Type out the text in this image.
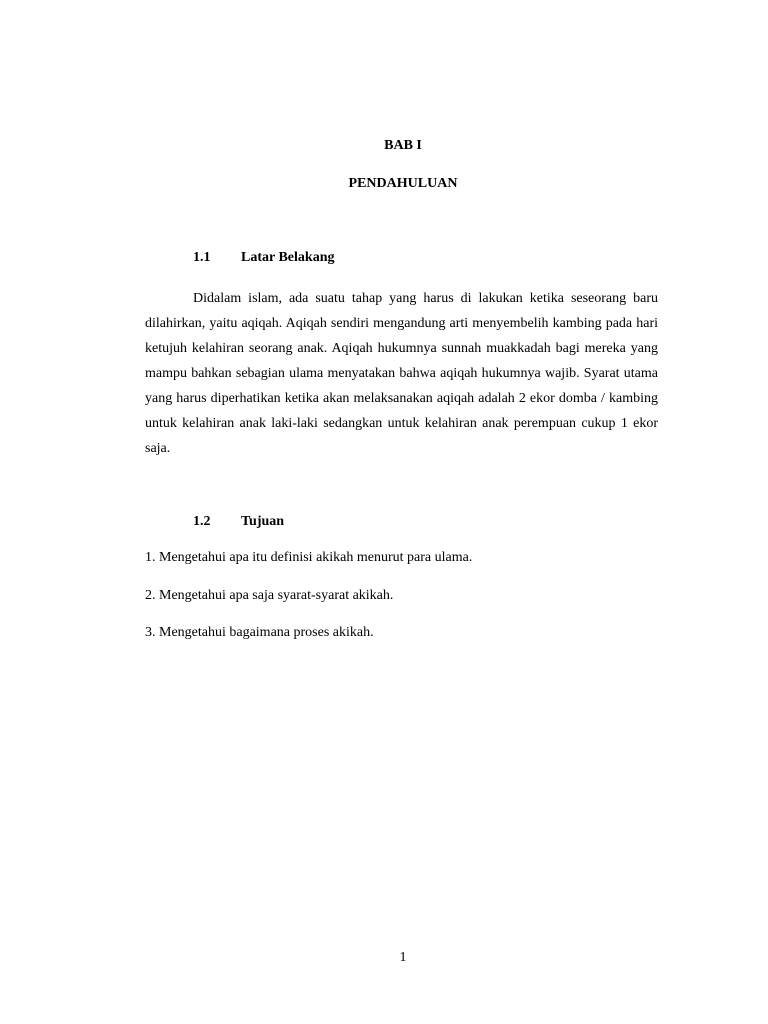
BAB I
PENDAHULUAN
1.1 Latar Belakang

Didalam islam, ada suatu tahap yang harus di lakukan ketika seseorang baru dilahirkan, yaitu aqiqah. Aqiqah sendiri mengandung arti menyembelih kambing pada hari ketujuh kelahiran seorang anak. Aqiqah hukumnya sunnah muakkadah bagi mereka yang mampu bahkan sebagian ulama menyatakan bahwa aqiqah hukumnya wajib. Syarat utama yang harus diperhatikan ketika akan melaksanakan aqiqah adalah 2 ekor domba / kambing untuk kelahiran anak laki-laki sedangkan untuk kelahiran anak perempuan cukup 1 ekor saja.

1.2 Tujuan
1. Mengetahui apa itu definisi akikah menurut para ulama.
2. Mengetahui apa saja syarat-syarat akikah.
3. Mengetahui bagaimana proses akikah.
1
